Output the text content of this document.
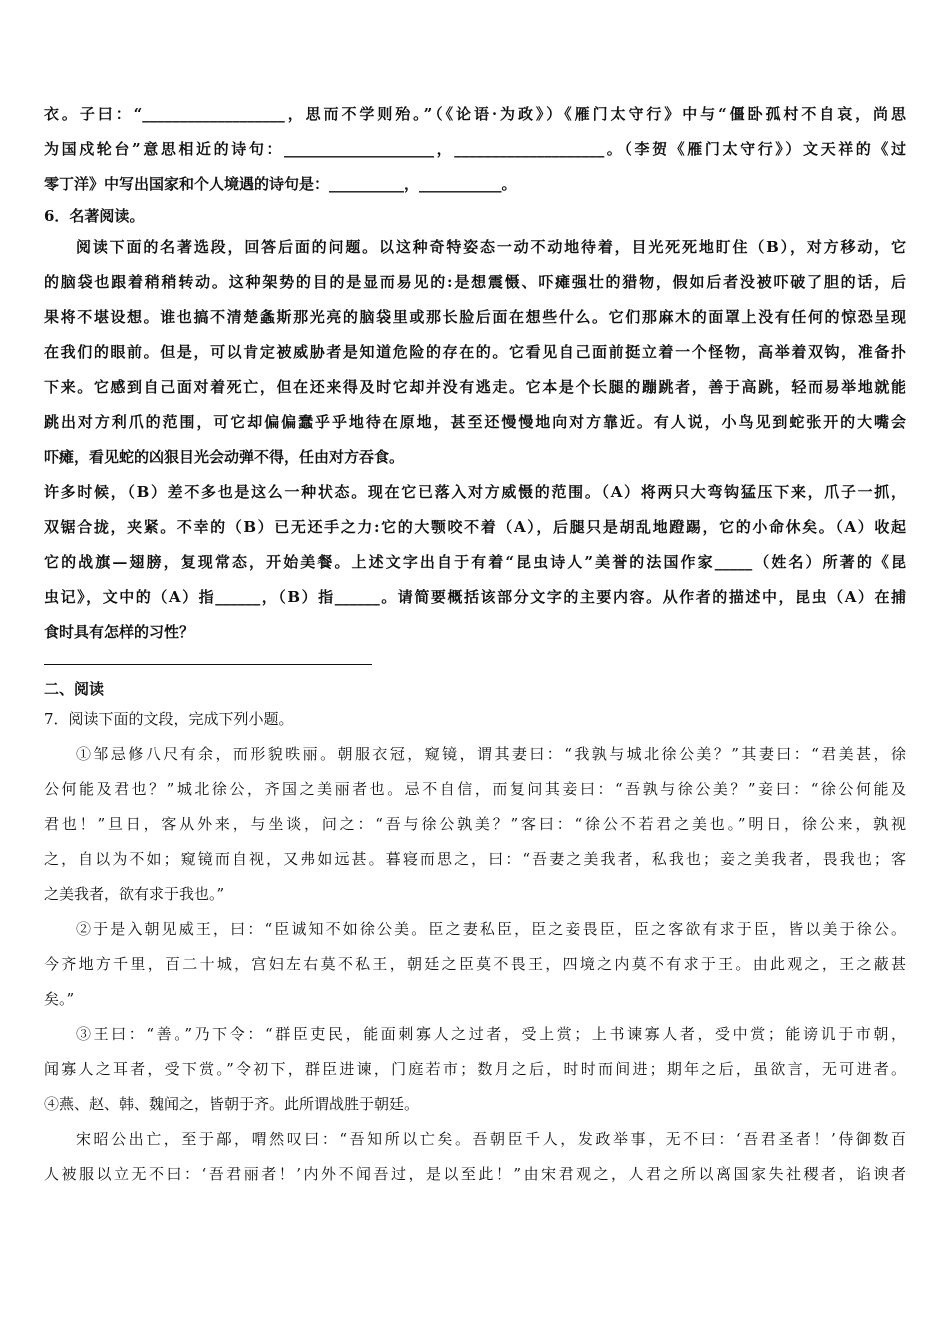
衣。子曰：“___________________，思而不学则殆。”（《论语·为政》）《雁门太守行》中与“僵卧孤村不自哀，尚思
为国戍轮台”意思相近的诗句：____________________，____________________。（李贺《雁门太守行》）文天祥的《过
零丁洋》中写出国家和个人境遇的诗句是：__________，___________。
6．名著阅读。
阅读下面的名著选段，回答后面的问题。以这种奇特姿态一动不动地待着，目光死死地盯住（B），对方移动，它
的脑袋也跟着稍稍转动。这种架势的目的是显而易见的:是想震慑、吓瘫强壮的猎物，假如后者没被吓破了胆的话，后
果将不堪设想。谁也搞不清楚螽斯那光亮的脑袋里或那长脸后面在想些什么。它们那麻木的面罩上没有任何的惊恐呈现
在我们的眼前。但是，可以肯定被威胁者是知道危险的存在的。它看见自己面前挺立着一个怪物，高举着双钩，准备扑
下来。它感到自己面对着死亡，但在还来得及时它却并没有逃走。它本是个长腿的蹦跳者，善于高跳，轻而易举地就能
跳出对方利爪的范围，可它却偏偏蠢乎乎地待在原地，甚至还慢慢地向对方靠近。有人说，小鸟见到蛇张开的大嘴会
吓瘫，看见蛇的凶狠目光会动弹不得，任由对方吞食。
许多时候，（B）差不多也是这么一种状态。现在它已落入对方威慑的范围。（A）将两只大弯钩猛压下来，爪子一抓，
双锯合拢，夹紧。不幸的（B）已无还手之力:它的大颚咬不着（A），后腿只是胡乱地蹬踢，它的小命休矣。（A）收起
它的战旗—翅膀，复现常态，开始美餐。上述文字出自于有着“昆虫诗人”美誉的法国作家_____（姓名）所著的《昆
虫记》，文中的（A）指______，（B）指______。请简要概括该部分文字的主要内容。从作者的描述中，昆虫（A）在捕
食时具有怎样的习性？
二、阅读
7．阅读下面的文段，完成下列小题。
①邹忌修八尺有余，而形貌昳丽。朝服衣冠，窥镜，谓其妻曰：“我孰与城北徐公美？”其妻曰：“君美甚，徐
公何能及君也？”城北徐公，齐国之美丽者也。忌不自信，而复问其妾曰：“吾孰与徐公美？”妾曰：“徐公何能及
君也！”旦日，客从外来，与坐谈，问之：“吾与徐公孰美？”客曰：“徐公不若君之美也。”明日，徐公来，孰视
之，自以为不如；窥镜而自视，又弗如远甚。暮寝而思之，曰：“吾妻之美我者，私我也；妾之美我者，畏我也；客
之美我者，欲有求于我也。”
②于是入朝见威王，曰：“臣诚知不如徐公美。臣之妻私臣，臣之妾畏臣，臣之客欲有求于臣，皆以美于徐公。
今齐地方千里，百二十城，宫妇左右莫不私王，朝廷之臣莫不畏王，四境之内莫不有求于王。由此观之，王之蔽甚
矣。”
③王曰：“善。”乃下令：“群臣吏民，能面刺寡人之过者，受上赏；上书谏寡人者，受中赏；能谤讥于市朝，
闻寡人之耳者，受下赏。”令初下，群臣进谏，门庭若市；数月之后，时时而间进；期年之后，虽欲言，无可进者。
④燕、赵、韩、魏闻之，皆朝于齐。此所谓战胜于朝廷。
宋昭公出亡，至于鄗，喟然叹曰：“吾知所以亡矣。吾朝臣千人，发政举事，无不曰：‘吾君圣者！’侍御数百
人被服以立无不曰：‘吾君丽者！’内外不闻吾过，是以至此！”由宋君观之，人君之所以离国家失社稷者，谄谀者
